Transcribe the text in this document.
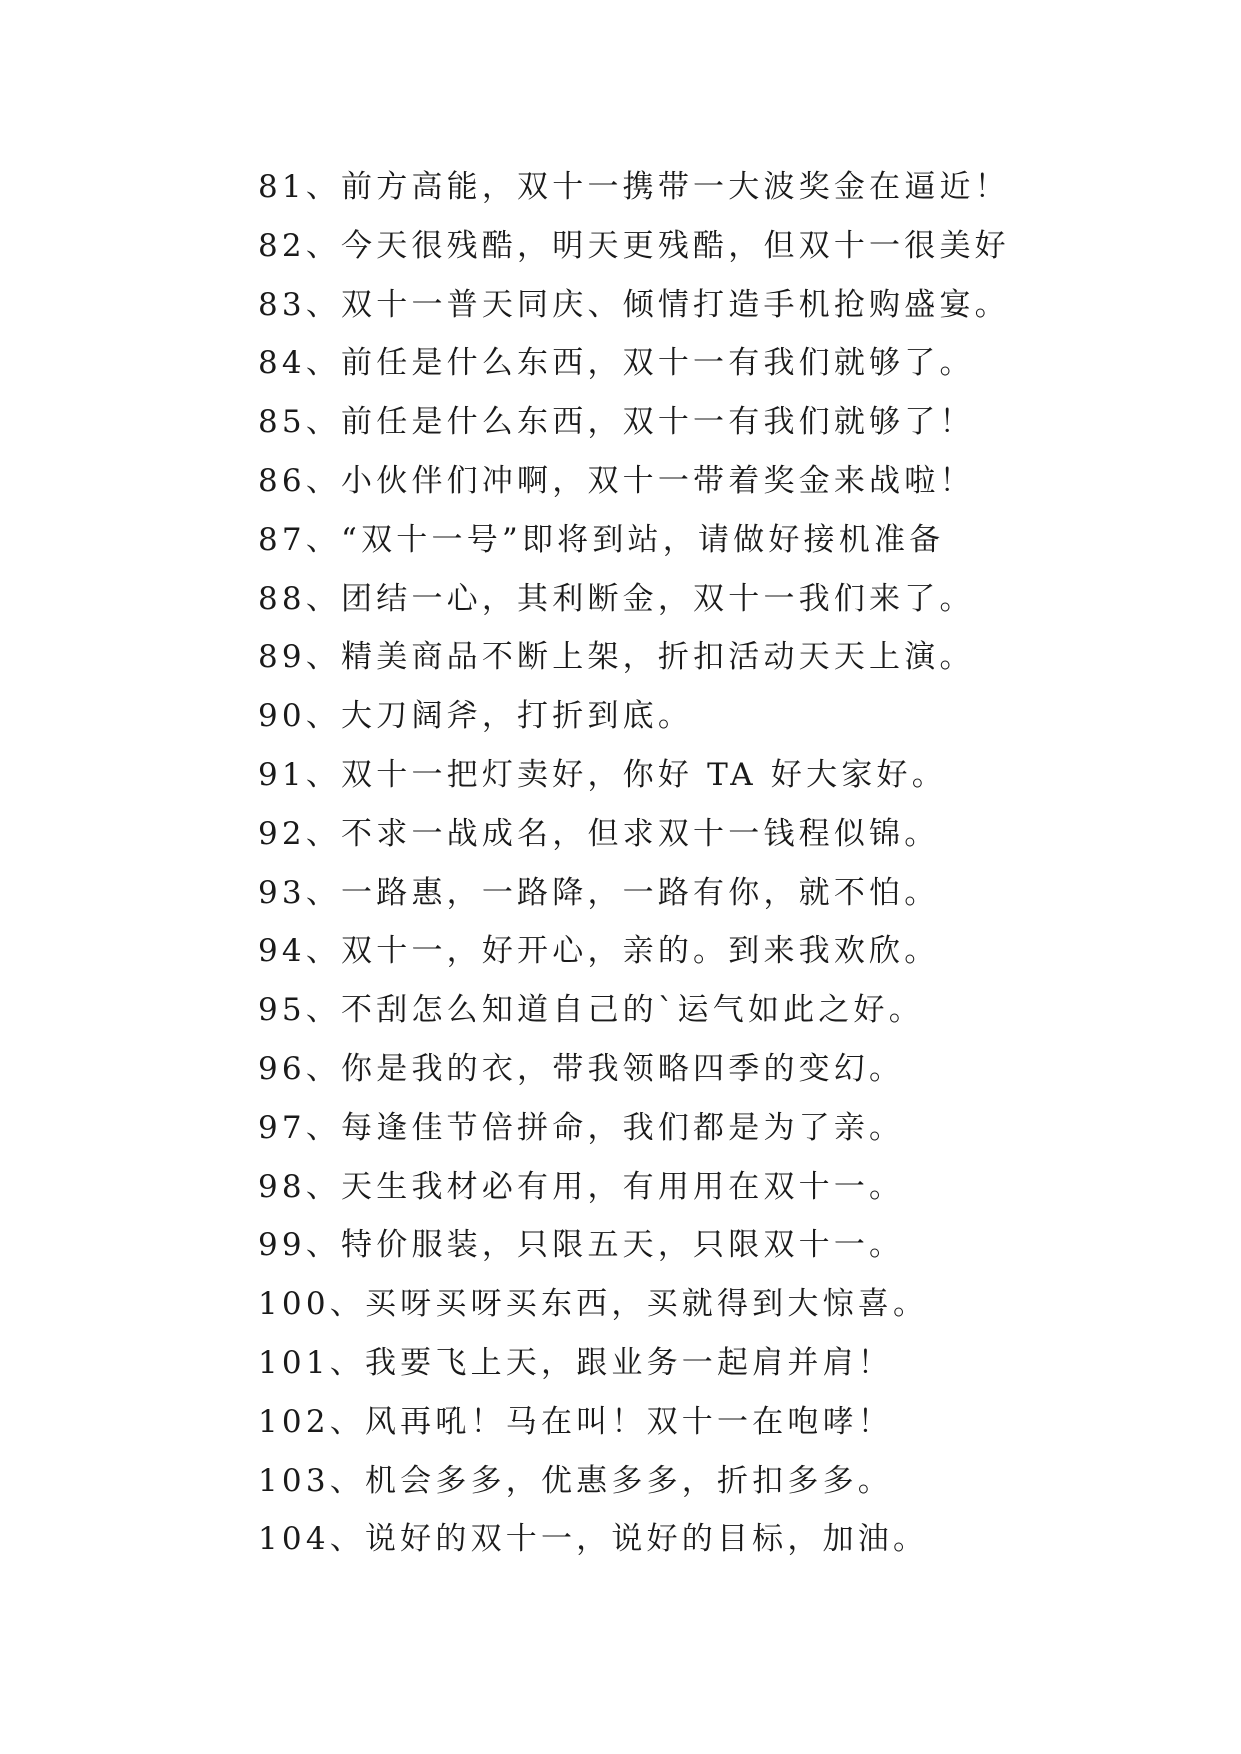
81、前方高能，双十一携带一大波奖金在逼近！
82、今天很残酷，明天更残酷，但双十一很美好
83、双十一普天同庆、倾情打造手机抢购盛宴。
84、前任是什么东西，双十一有我们就够了。
85、前任是什么东西，双十一有我们就够了！
86、小伙伴们冲啊，双十一带着奖金来战啦！
87、“双十一号”即将到站，请做好接机准备
88、团结一心，其利断金，双十一我们来了。
89、精美商品不断上架，折扣活动天天上演。
90、大刀阔斧，打折到底。
91、双十一把灯卖好，你好 TA 好大家好。
92、不求一战成名，但求双十一钱程似锦。
93、一路惠，一路降，一路有你，就不怕。
94、双十一，好开心，亲的。到来我欢欣。
95、不刮怎么知道自己的`运气如此之好。
96、你是我的衣，带我领略四季的变幻。
97、每逢佳节倍拼命，我们都是为了亲。
98、天生我材必有用，有用用在双十一。
99、特价服装，只限五天，只限双十一。
100、买呀买呀买东西，买就得到大惊喜。
101、我要飞上天，跟业务一起肩并肩！
102、风再吼！马在叫！双十一在咆哮！
103、机会多多，优惠多多，折扣多多。
104、说好的双十一，说好的目标，加油。
